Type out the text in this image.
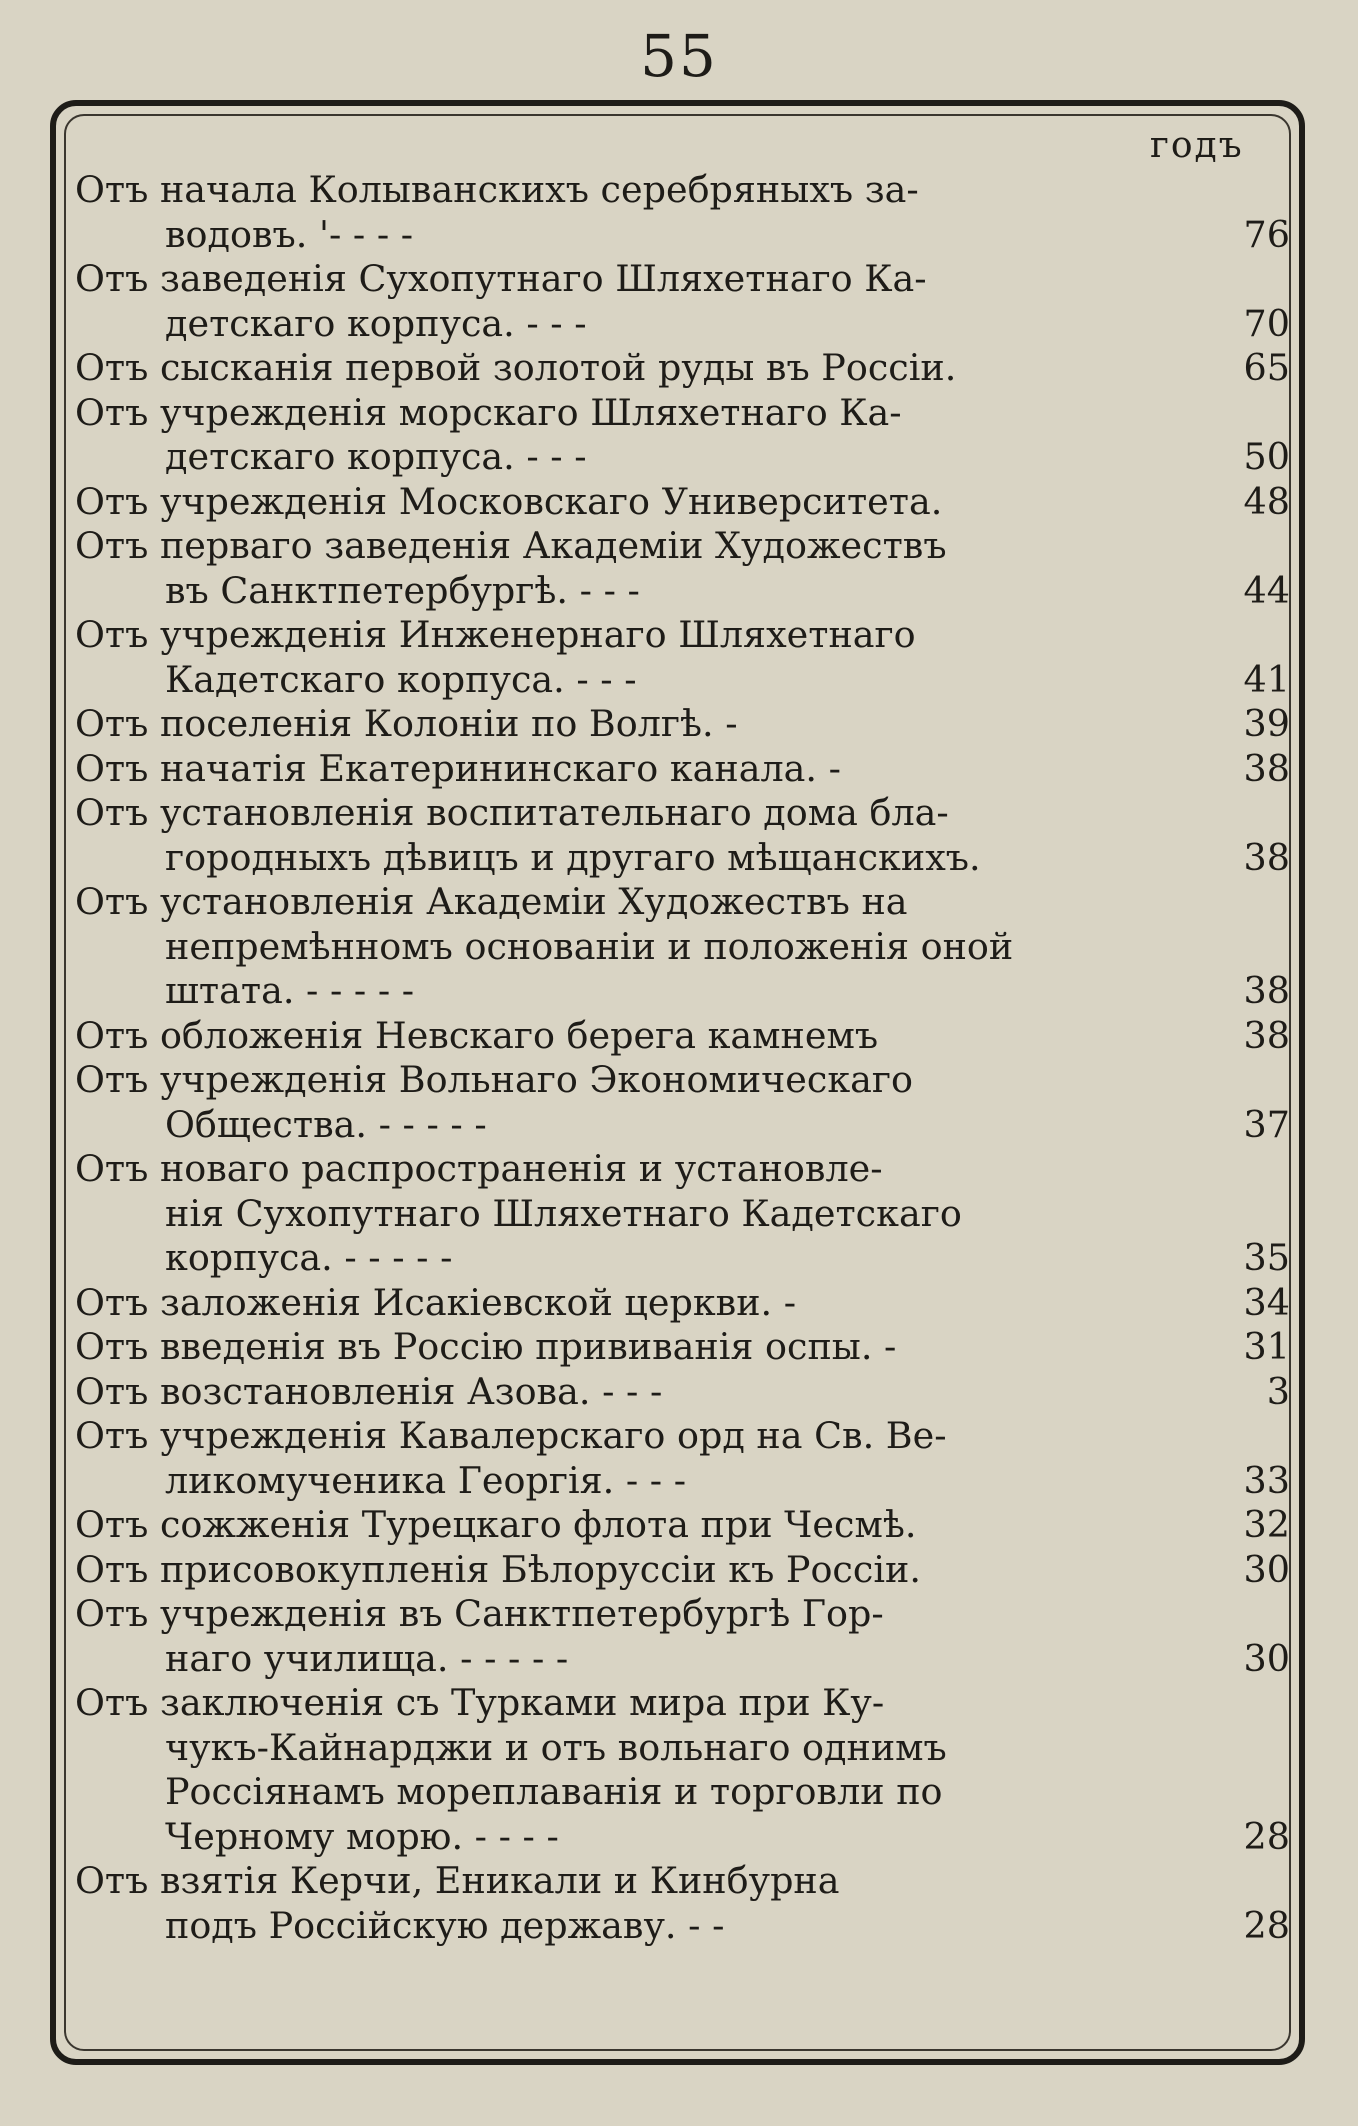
55
годъ
Отъ начала Колыванскихъ серебряныхъ за-
водовъ. '- - - -	76
Отъ заведенія Сухопутнаго Шляхетнаго Ка-
детскаго корпуса. - - -	70
Отъ сысканія первой золотой руды въ Россіи.	65
Отъ учрежденія морскаго Шляхетнаго Ка-
детскаго корпуса. - - -	50
Отъ учрежденія Московскаго Университета.	48
Отъ перваго заведенія Академіи Художествъ
въ Санктпетербургѣ. - - -	44
Отъ учрежденія Инженернаго Шляхетнаго
Кадетскаго корпуса. - - -	41
Отъ поселенія Колоніи по Волгѣ. -	39
Отъ начатія Екатерининскаго канала. -	38
Отъ установленія воспитательнаго дома бла-
городныхъ дѣвицъ и другаго мѣщанскихъ.	38
Отъ установленія Академіи Художествъ на
непремѣнномъ основаніи и положенія оной
штата. - - - - -	38
Отъ обложенія Невскаго берега камнемъ	38
Отъ учрежденія Вольнаго Экономическаго
Общества. - - - - -	37
Отъ новаго распространенія и установле-
нія Сухопутнаго Шляхетнаго Кадетскаго
корпуса. - - - - -	35
Отъ заложенія Исакіевской церкви. -	34
Отъ введенія въ Россію прививанія оспы. -	31
Отъ возстановленія Азова. - - -	3
Отъ учрежденія Кавалерскаго орд на Св. Ве-
ликомученика Георгія. - - -	33
Отъ сожженія Турецкаго флота при Чесмѣ.	32
Отъ присовокупленія Бѣлоруссіи къ Россіи.	30
Отъ учрежденія въ Санктпетербургѣ Гор-
наго училища. - - - - -	30
Отъ заключенія съ Турками мира при Ку-
чукъ-Кайнарджи и отъ вольнаго однимъ
Россіянамъ мореплаванія и торговли по
Черному морю. - - - -	28
Отъ взятія Керчи, Еникали и Кинбурна
подъ Россійскую державу. - -	28
